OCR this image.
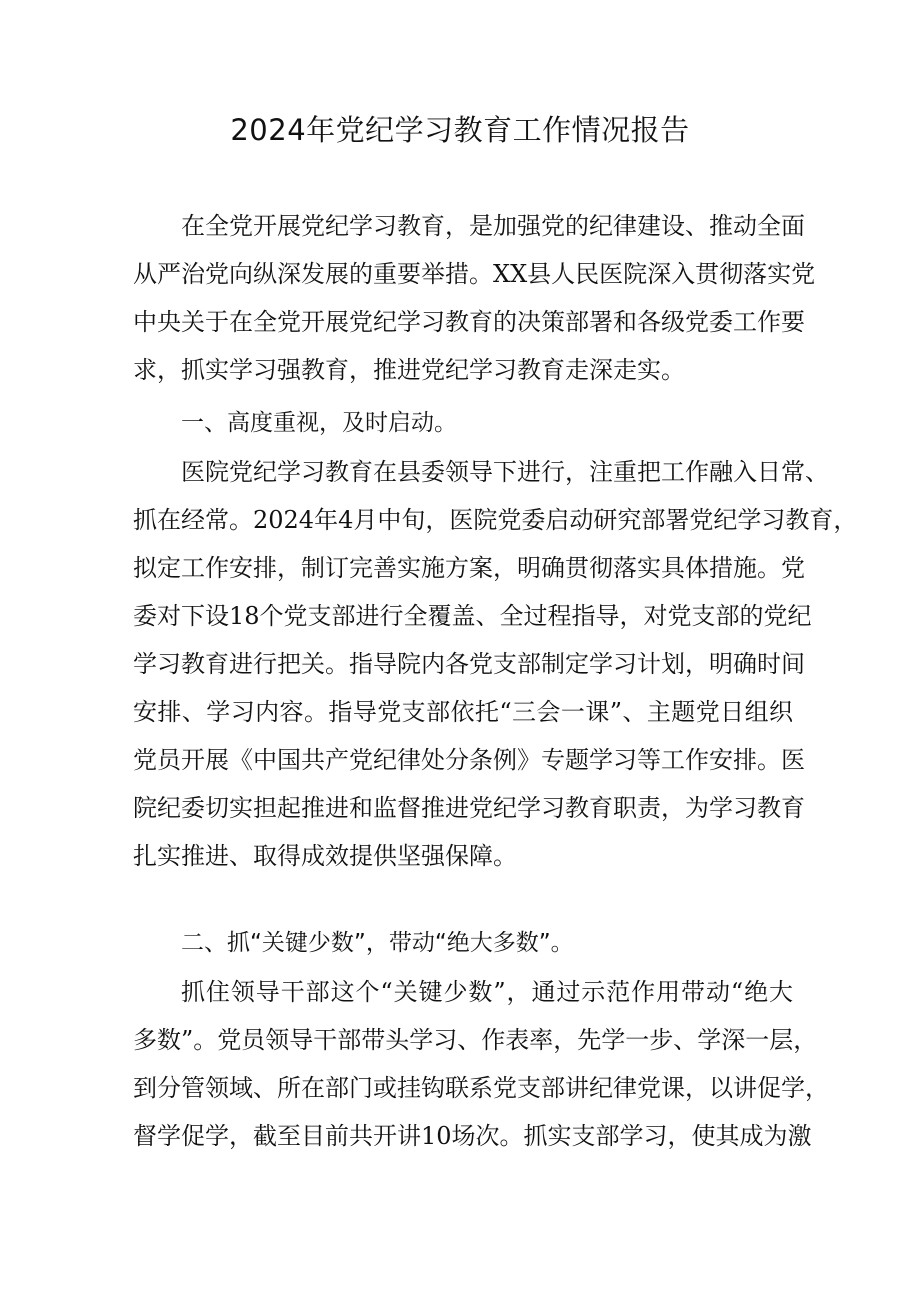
2024年党纪学习教育工作情况报告
在全党开展党纪学习教育，是加强党的纪律建设、推动全面
从严治党向纵深发展的重要举措。XX县人民医院深入贯彻落实党
中央关于在全党开展党纪学习教育的决策部署和各级党委工作要
求，抓实学习强教育，推进党纪学习教育走深走实。
一、高度重视，及时启动。
医院党纪学习教育在县委领导下进行，注重把工作融入日常、
抓在经常。2024年4月中旬，医院党委启动研究部署党纪学习教育，
拟定工作安排，制订完善实施方案，明确贯彻落实具体措施。党
委对下设18个党支部进行全覆盖、全过程指导，对党支部的党纪
学习教育进行把关。指导院内各党支部制定学习计划，明确时间
安排、学习内容。指导党支部依托“三会一课”、主题党日组织
党员开展《中国共产党纪律处分条例》专题学习等工作安排。医
院纪委切实担起推进和监督推进党纪学习教育职责，为学习教育
扎实推进、取得成效提供坚强保障。
二、抓“关键少数”，带动“绝大多数”。
抓住领导干部这个“关键少数”，通过示范作用带动“绝大
多数”。党员领导干部带头学习、作表率，先学一步、学深一层，
到分管领域、所在部门或挂钩联系党支部讲纪律党课，以讲促学，
督学促学，截至目前共开讲10场次。抓实支部学习，使其成为激
